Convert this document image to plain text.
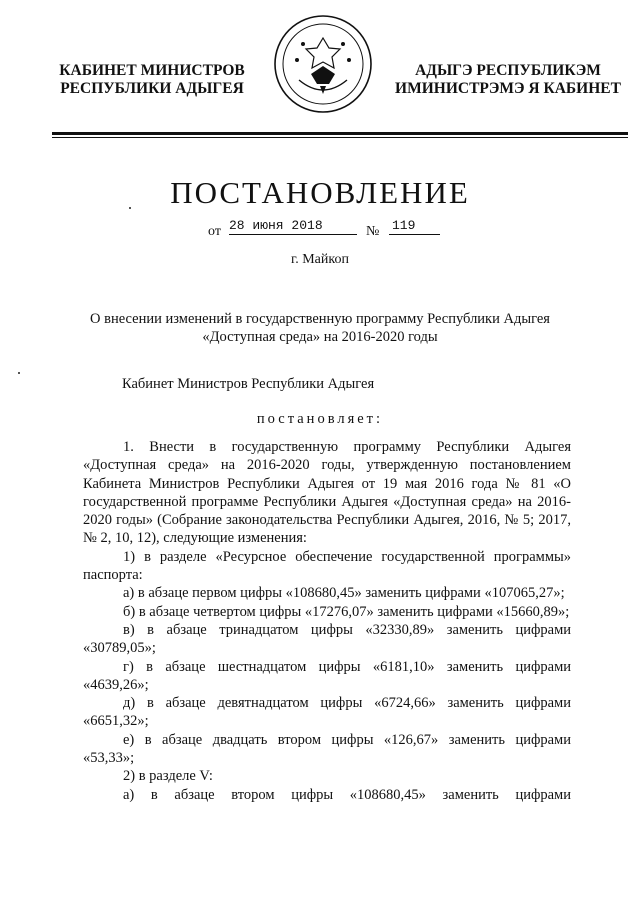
КАБИНЕТ МИНИСТРОВ
РЕСПУБЛИКИ АДЫГЕЯ
АДЫГЭ РЕСПУБЛИКЭМ
ИМИНИСТРЭМЭ Я КАБИНЕТ
ПОСТАНОВЛЕНИЕ
от 28 июня 2018	№ 119
г. Майкоп
О внесении изменений в государственную программу Республики Адыгея
«Доступная среда» на 2016-2020 годы
Кабинет Министров Республики Адыгея
постановляет:

1. Внести в государственную программу Республики Адыгея «Доступная среда» на 2016-2020 годы, утвержденную постановлением Кабинета Министров Республики Адыгея от 19 мая 2016 года № 81 «О государственной программе Республики Адыгея «Доступная среда» на 2016-2020 годы» (Собрание законодательства Республики Адыгея, 2016, № 5; 2017, № 2, 10, 12), следующие изменения:

1) в разделе «Ресурсное обеспечение государственной программы» паспорта:

а) в абзаце первом цифры «108680,45» заменить цифрами «107065,27»;

б) в абзаце четвертом цифры «17276,07» заменить цифрами «15660,89»;

в) в абзаце тринадцатом цифры «32330,89» заменить цифрами «30789,05»;

г) в абзаце шестнадцатом цифры «6181,10» заменить цифрами «4639,26»;

д) в абзаце девятнадцатом цифры «6724,66» заменить цифрами «6651,32»;

е) в абзаце двадцать втором цифры «126,67» заменить цифрами «53,33»;

2) в разделе V:

а) в абзаце втором цифры «108680,45» заменить цифрами
